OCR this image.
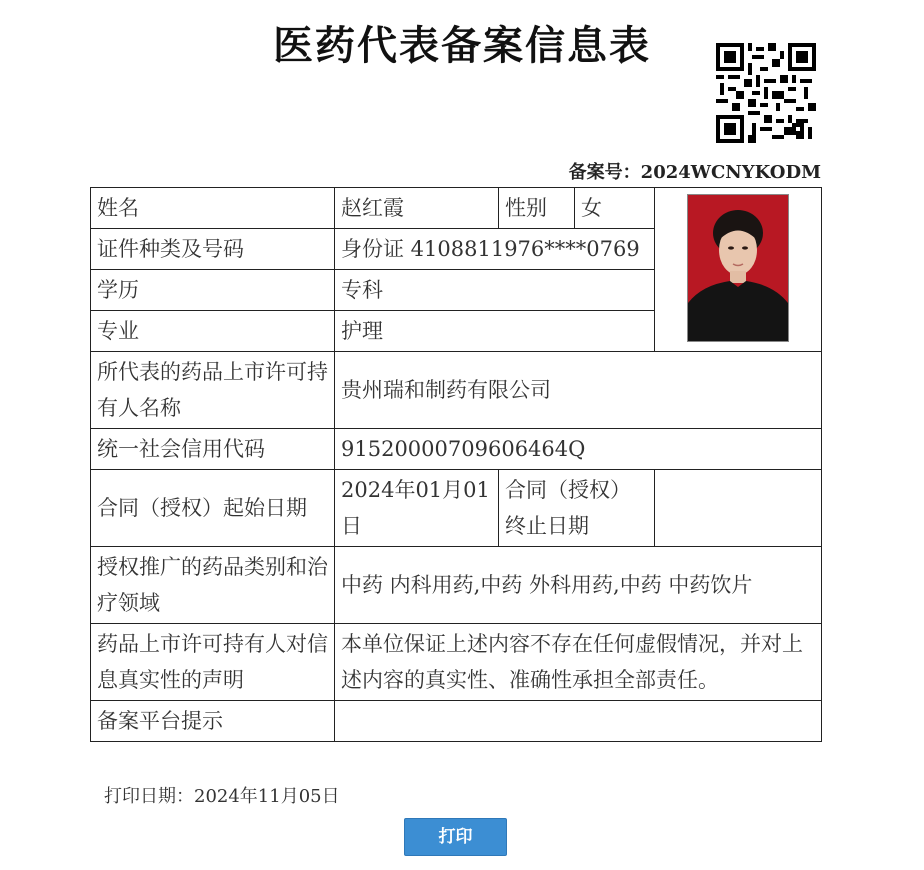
医药代表备案信息表
备案号：2024WCNYKODM
姓名	赵红霞	性别	女	

证件种类及号码	身份证 4108811976****0769			
学历	专科			
专业	护理			
所代表的药品上市许可持有人名称	贵州瑞和制药有限公司			
统一社会信用代码	91520000709606464Q			
合同（授权）起始日期	2024年01月01日	合同（授权）终止日期		
授权推广的药品类别和治疗领域	中药 内科用药,中药 外科用药,中药 中药饮片			
药品上市许可持有人对信息真实性的声明	本单位保证上述内容不存在任何虚假情况，并对上述内容的真实性、准确性承担全部责任。			
备案平台提示				
打印日期：2024年11月05日
打印
